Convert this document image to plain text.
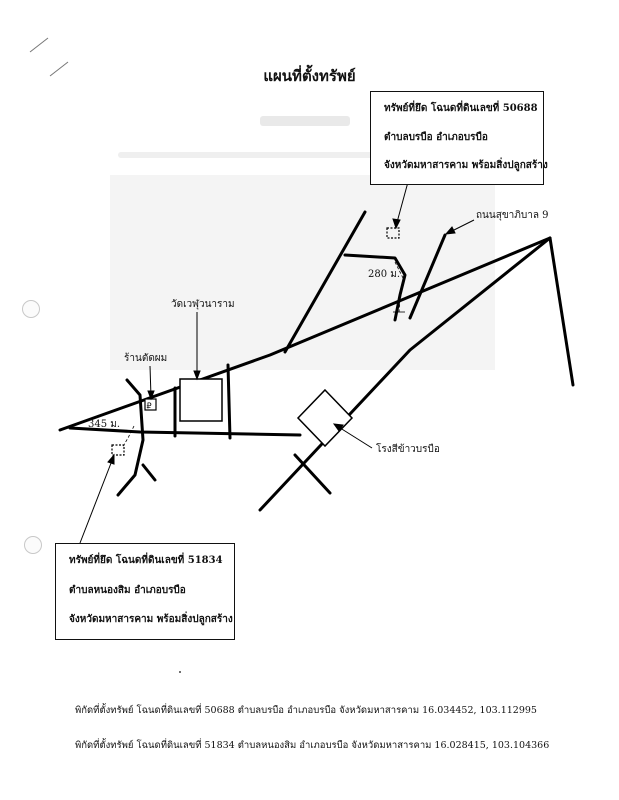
แผนที่ตั้งทรัพย์
₽
ถนนสุขาภิบาล 9
280 ม.
345 ม.
วัดเวฬุวนาราม
ร้านตัดผม
โรงสีข้าวบรบือ
ทรัพย์ที่ยึด โฉนดที่ดินเลขที่ 50688
ตำบลบรบือ อำเภอบรบือ
จังหวัดมหาสารคาม พร้อมสิ่งปลูกสร้าง
ทรัพย์ที่ยึด โฉนดที่ดินเลขที่ 51834
ตำบลหนองสิม อำเภอบรบือ
จังหวัดมหาสารคาม พร้อมสิ่งปลูกสร้าง
พิกัดที่ตั้งทรัพย์ โฉนดที่ดินเลขที่ 50688 ตำบลบรบือ อำเภอบรบือ จังหวัดมหาสารคาม 16.034452, 103.112995
พิกัดที่ตั้งทรัพย์ โฉนดที่ดินเลขที่ 51834 ตำบลหนองสิม อำเภอบรบือ จังหวัดมหาสารคาม 16.028415, 103.104366
